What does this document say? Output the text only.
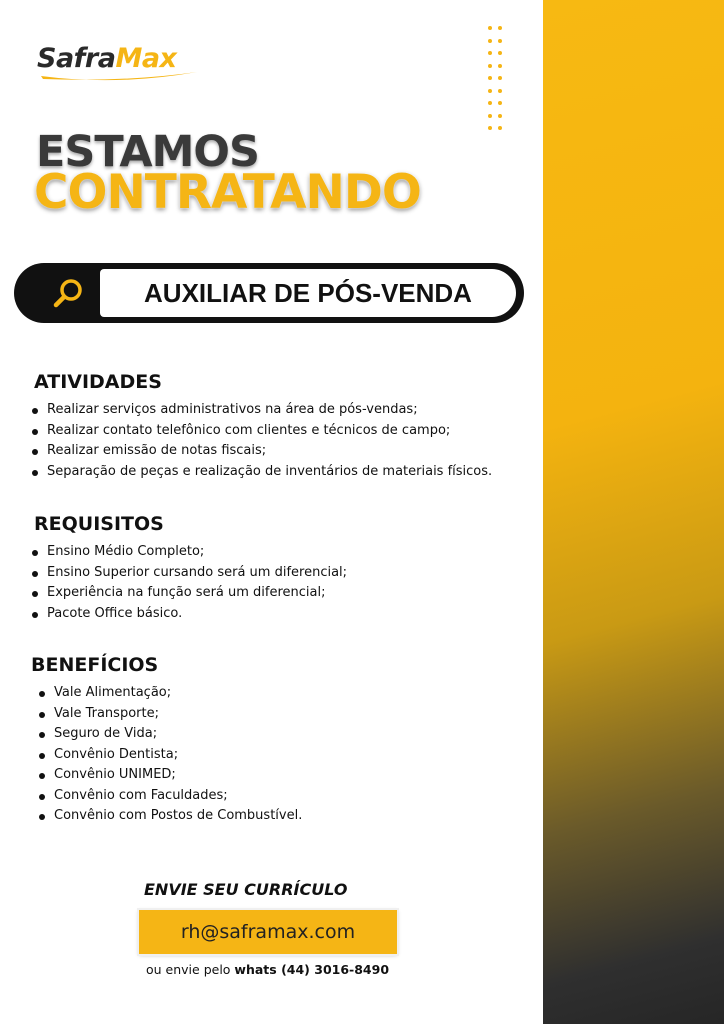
SafraMax
ESTAMOS
CONTRATANDO
AUXILIAR DE PÓS-VENDA
ATIVIDADES
Realizar serviços administrativos na área de pós-vendas;
Realizar contato telefônico com clientes e técnicos de campo;
Realizar emissão de notas fiscais;
Separação de peças e realização de inventários de materiais físicos.
REQUISITOS
Ensino Médio Completo;
Ensino Superior cursando será um diferencial;
Experiência na função será um diferencial;
Pacote Office básico.
BENEFÍCIOS
Vale Alimentação;
Vale Transporte;
Seguro de Vida;
Convênio Dentista;
Convênio UNIMED;
Convênio com Faculdades;
Convênio com Postos de Combustível.
ENVIE SEU CURRÍCULO
rh@saframax.com
ou envie pelo whats (44) 3016-8490
